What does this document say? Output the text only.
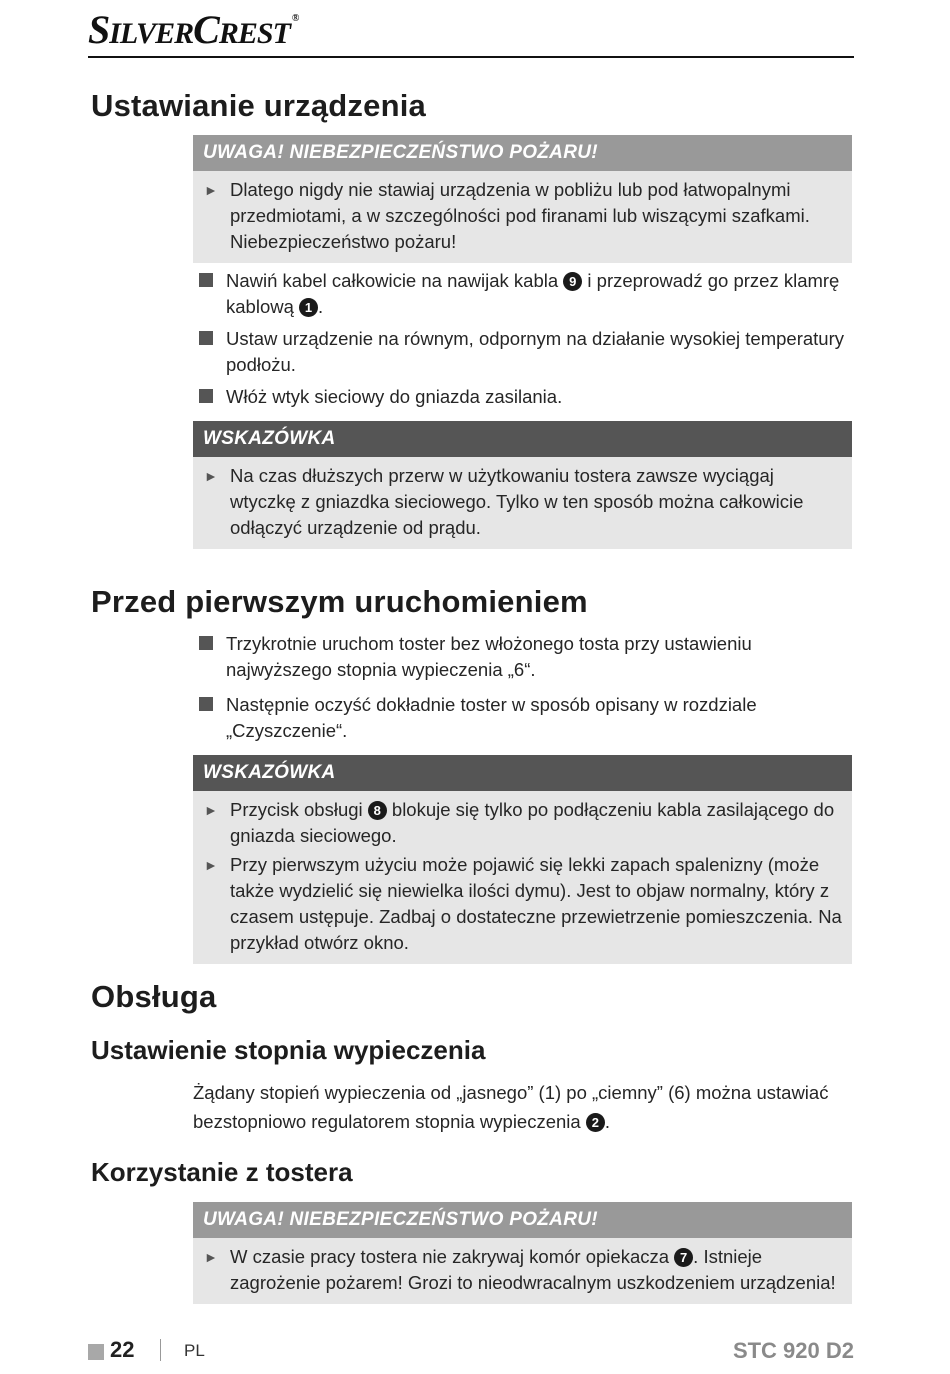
SILVERCREST ®
Ustawianie urządzenia
UWAGA! NIEBEZPIECZEŃSTWO POŻARU!
► Dlatego nigdy nie stawiaj urządzenia w pobliżu lub pod łatwopalnymi przedmiotami, a w szczególności pod firanami lub wiszącymi szafkami. Niebezpieczeństwo pożaru!
Nawiń kabel całkowicie na nawijak kabla 9 i przeprowadź go przez klamrę kablową 1 .
Ustaw urządzenie na równym, odpornym na działanie wysokiej temperatury podłożu.
Włóż wtyk sieciowy do gniazda zasilania.
WSKAZÓWKA
► Na czas dłuższych przerw w użytkowaniu tostera zawsze wyciągaj wtyczkę z gniazdka sieciowego. Tylko w ten sposób można całkowicie odłączyć urządzenie od prądu.
Przed pierwszym uruchomieniem
Trzykrotnie uruchom toster bez włożonego tosta przy ustawieniu najwyższego stopnia wypieczenia „6“.
Następnie oczyść dokładnie toster w sposób opisany w rozdziale „Czyszczenie“.
WSKAZÓWKA
► Przycisk obsługi 8 blokuje się tylko po podłączeniu kabla zasilającego do gniazda sieciowego.
► Przy pierwszym użyciu może pojawić się lekki zapach spalenizny (może także wydzielić się niewielka ilości dymu). Jest to objaw normalny, który z czasem ustępuje. Zadbaj o dostateczne przewietrzenie pomieszczenia. Na przykład otwórz okno.
Obsługa
Ustawienie stopnia wypieczenia
Żądany stopień wypieczenia od „jasnego” (1) po „ciemny” (6) można ustawiać bezstopniowo regulatorem stopnia wypieczenia 2 .
Korzystanie z tostera
UWAGA! NIEBEZPIECZEŃSTWO POŻARU!
► W czasie pracy tostera nie zakrywaj komór opiekacza 7 . Istnieje zagrożenie pożarem! Grozi to nieodwracalnym uszkodzeniem urządzenia!
22	PL	STC 920 D2
